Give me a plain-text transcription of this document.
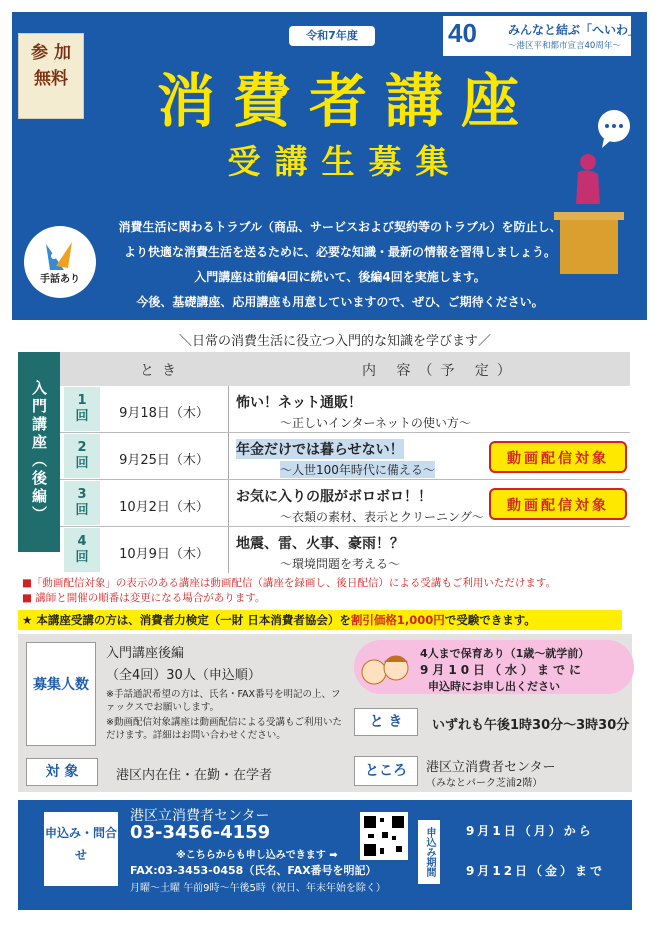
参 加
無料
令和7年度	40	みんなと結ぶ「へいわ」
～港区平和都市宣言40周年～
消費者講座
受講生募集
消費生活に関わるトラブル（商品、サービスおよび契約等のトラブル）を防止し、
より快適な消費生活を送るために、必要な知識・最新の情報を習得しましょう。
入門講座は前編4回に続いて、後編4回を実施します。
今後、基礎講座、応用講座も用意していますので、ぜひ、ご期待ください。
手話あり
＼日常の消費生活に役立つ入門的な知識を学びます／
入門講座（後編）
とき	内 容（予 定）
1
回	9月18日（木）
怖い！ネット通販！
～正しいインターネットの使い方～
2
回	9月25日（木）
年金だけでは暮らせない！
～人世100年時代に備える～
動画配信対象
3
回	10月2日（木）
お気に入りの服がボロボロ！！
～衣類の素材、表示とクリーニング～
動画配信対象
4
回	10月9日（木）
地震、雷、火事、豪雨！？
～環境問題を考える～
■「動画配信対象」の表示のある講座は動画配信（講座を録画し、後日配信）による受講もご利用いただけます。
■ 講師と開催の順番は変更になる場合があります。
★ 本講座受講の方は、消費者力検定（一財 日本消費者協会）を割引価格1,000円で受験できます。
募集人数
入門講座後編
（全4回）30人（申込順）
※手話通訳希望の方は、氏名・FAX番号を明記の上、ファックスでお願いします。
※動画配信対象講座は動画配信による受講もご利用いただけます。詳細はお問い合わせください。
4人まで保育あり（1歳～就学前）
9月10日（水）までに
申込時にお申し出ください
と き	いずれも午後1時30分～3時30分
対 象	港区内在住・在勤・在学者	ところ	港区立消費者センター
（みなとパーク芝浦2階）
申込み・問合せ
港区立消費者センター
03-3456-4159
※こちらからも申し込みできます ➡
FAX:03-3453-0458（氏名、FAX番号を明記）
月曜～土曜 午前9時～午後5時（祝日、年末年始を除く）
申込み期間	9月1日（月）から
9月12日（金）まで
